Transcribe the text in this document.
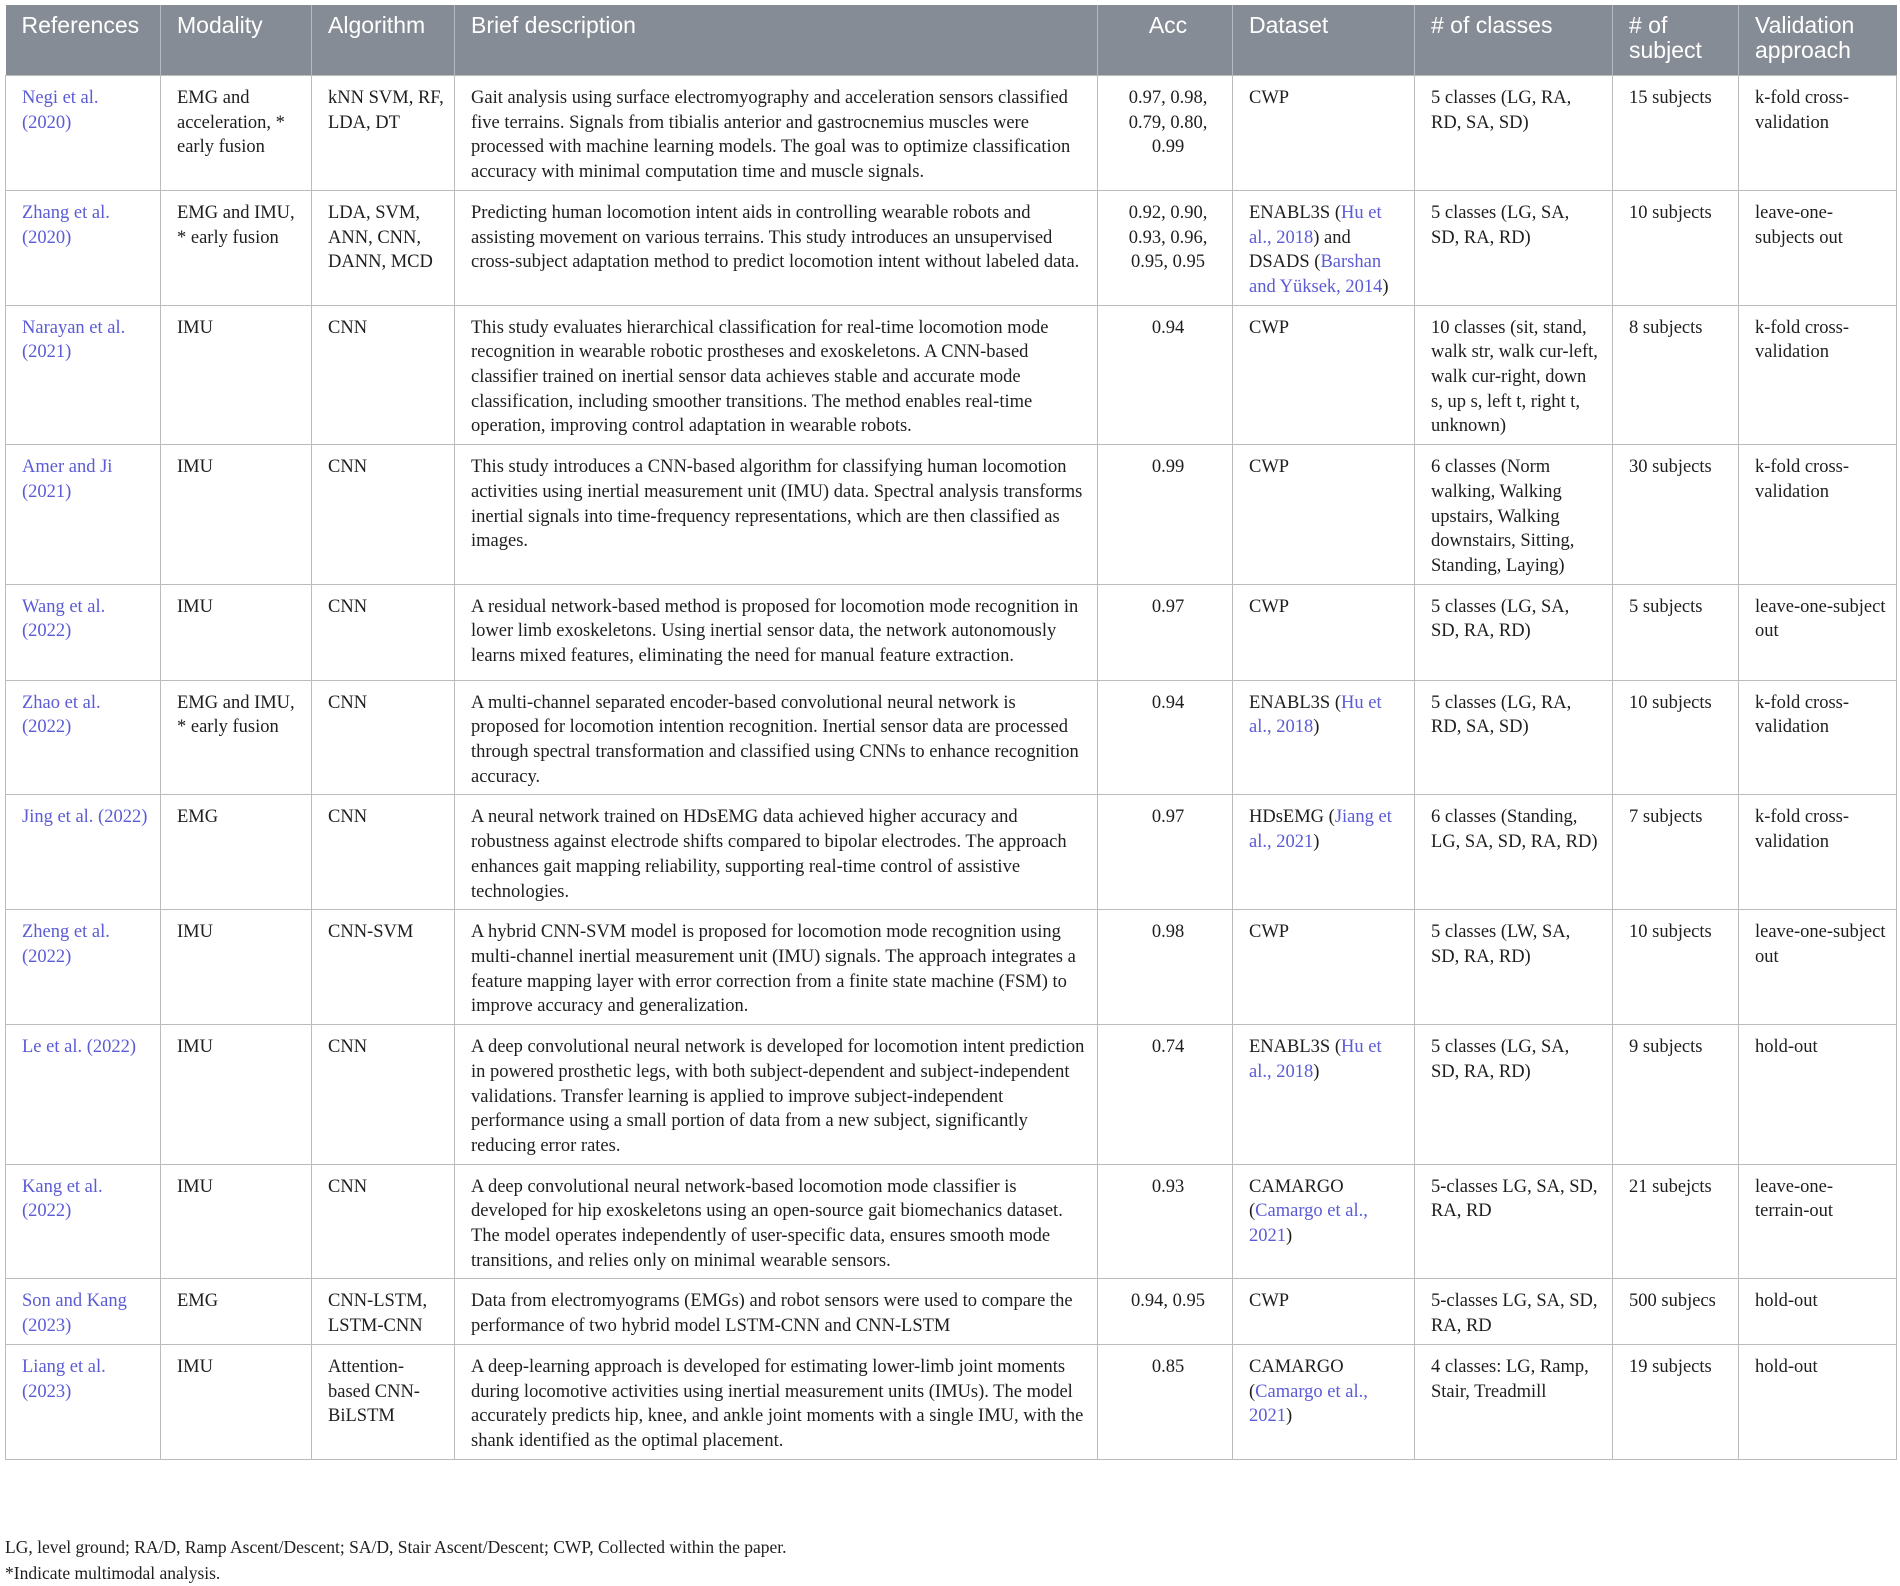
References	Modality	Algorithm	Brief description	Acc	Dataset	# of classes	# of subject	Validation approach
Negi et al. (2020)	EMG and acceleration, * early fusion	kNN SVM, RF, LDA, DT	Gait analysis using surface electromyography and acceleration sensors classified five terrains. Signals from tibialis anterior and gastrocnemius muscles were processed with machine learning models. The goal was to optimize classification accuracy with minimal computation time and muscle signals.	0.97, 0.98, 0.79, 0.80, 0.99	CWP	5 classes (LG, RA, RD, SA, SD)	15 subjects	k-fold cross-validation
Zhang et al. (2020)	EMG and IMU, * early fusion	LDA, SVM, ANN, CNN, DANN, MCD	Predicting human locomotion intent aids in controlling wearable robots and assisting movement on various terrains. This study introduces an unsupervised cross-subject adaptation method to predict locomotion intent without labeled data.	0.92, 0.90, 0.93, 0.96, 0.95, 0.95	ENABL3S (Hu et al., 2018) and DSADS (Barshan and Yüksek, 2014)	5 classes (LG, SA, SD, RA, RD)	10 subjects	leave-one-subjects out
Narayan et al. (2021)	IMU	CNN	This study evaluates hierarchical classification for real-time locomotion mode recognition in wearable robotic prostheses and exoskeletons. A CNN-based classifier trained on inertial sensor data achieves stable and accurate mode classification, including smoother transitions. The method enables real-time operation, improving control adaptation in wearable robots.	0.94	CWP	10 classes (sit, stand, walk str, walk cur-left, walk cur-right, down s, up s, left t, right t, unknown)	8 subjects	k-fold cross-validation
Amer and Ji (2021)	IMU	CNN	This study introduces a CNN-based algorithm for classifying human locomotion activities using inertial measurement unit (IMU) data. Spectral analysis transforms inertial signals into time-frequency representations, which are then classified as images.	0.99	CWP	6 classes (Norm walking, Walking upstairs, Walking downstairs, Sitting, Standing, Laying)	30 subjects	k-fold cross-validation
Wang et al. (2022)	IMU	CNN	A residual network-based method is proposed for locomotion mode recognition in lower limb exoskeletons. Using inertial sensor data, the network autonomously learns mixed features, eliminating the need for manual feature extraction.	0.97	CWP	5 classes (LG, SA, SD, RA, RD)	5 subjects	leave-one-subject out
Zhao et al. (2022)	EMG and IMU, * early fusion	CNN	A multi-channel separated encoder-based convolutional neural network is proposed for locomotion intention recognition. Inertial sensor data are processed through spectral transformation and classified using CNNs to enhance recognition accuracy.	0.94	ENABL3S (Hu et al., 2018)	5 classes (LG, RA, RD, SA, SD)	10 subjects	k-fold cross-validation
Jing et al. (2022)	EMG	CNN	A neural network trained on HDsEMG data achieved higher accuracy and robustness against electrode shifts compared to bipolar electrodes. The approach enhances gait mapping reliability, supporting real-time control of assistive technologies.	0.97	HDsEMG (Jiang et al., 2021)	6 classes (Standing, LG, SA, SD, RA, RD)	7 subjects	k-fold cross-validation
Zheng et al. (2022)	IMU	CNN-SVM	A hybrid CNN-SVM model is proposed for locomotion mode recognition using multi-channel inertial measurement unit (IMU) signals. The approach integrates a feature mapping layer with error correction from a finite state machine (FSM) to improve accuracy and generalization.	0.98	CWP	5 classes (LW, SA, SD, RA, RD)	10 subjects	leave-one-subject out
Le et al. (2022)	IMU	CNN	A deep convolutional neural network is developed for locomotion intent prediction in powered prosthetic legs, with both subject-dependent and subject-independent validations. Transfer learning is applied to improve subject-independent performance using a small portion of data from a new subject, significantly reducing error rates.	0.74	ENABL3S (Hu et al., 2018)	5 classes (LG, SA, SD, RA, RD)	9 subjects	hold-out
Kang et al. (2022)	IMU	CNN	A deep convolutional neural network-based locomotion mode classifier is developed for hip exoskeletons using an open-source gait biomechanics dataset. The model operates independently of user-specific data, ensures smooth mode transitions, and relies only on minimal wearable sensors.	0.93	CAMARGO (Camargo et al., 2021)	5-classes LG, SA, SD, RA, RD	21 subejcts	leave-one-terrain-out
Son and Kang (2023)	EMG	CNN-LSTM, LSTM-CNN	Data from electromyograms (EMGs) and robot sensors were used to compare the performance of two hybrid model LSTM-CNN and CNN-LSTM	0.94, 0.95	CWP	5-classes LG, SA, SD, RA, RD	500 subjecs	hold-out
Liang et al. (2023)	IMU	Attention-based CNN-BiLSTM	A deep-learning approach is developed for estimating lower-limb joint moments during locomotive activities using inertial measurement units (IMUs). The model accurately predicts hip, knee, and ankle joint moments with a single IMU, with the shank identified as the optimal placement.	0.85	CAMARGO (Camargo et al., 2021)	4 classes: LG, Ramp, Stair, Treadmill	19 subjects	hold-out
LG, level ground; RA/D, Ramp Ascent/Descent; SA/D, Stair Ascent/Descent; CWP, Collected within the paper.
*Indicate multimodal analysis.
